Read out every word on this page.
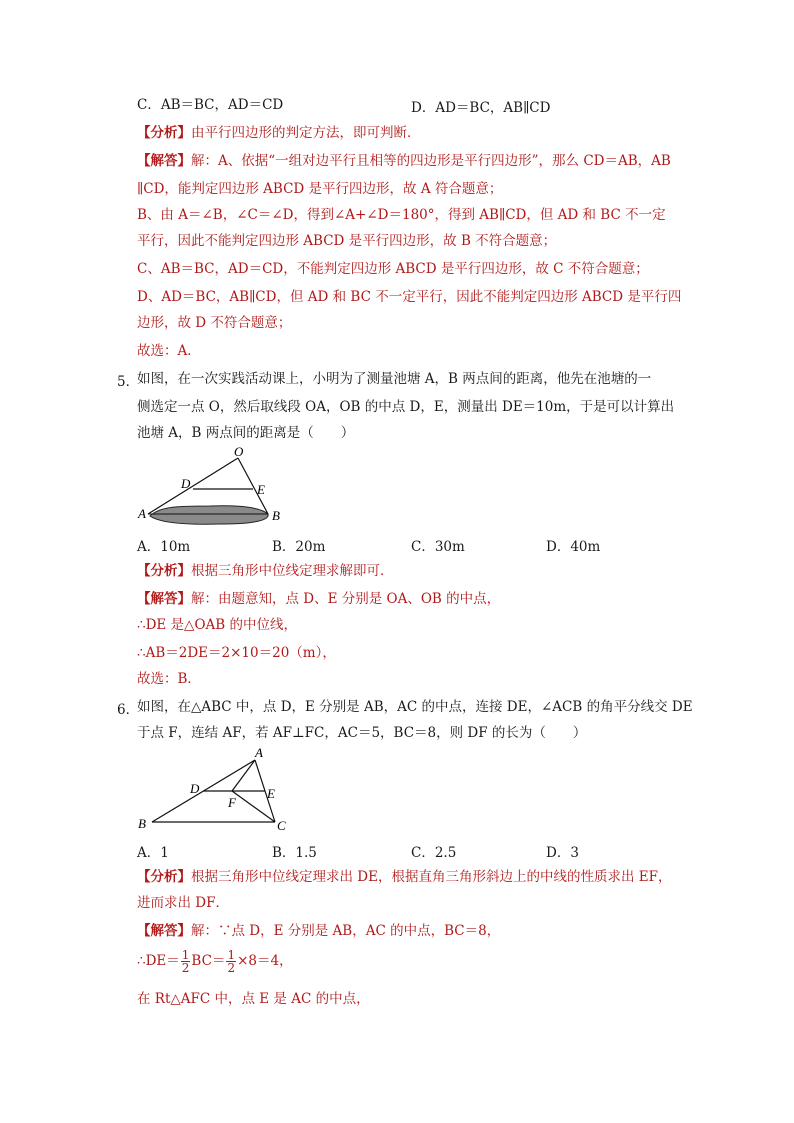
C．AB＝BC，AD＝CD	D．AD＝BC，AB∥CD
【分析】由平行四边形的判定方法，即可判断．
【解答】解：A、依据“一组对边平行且相等的四边形是平行四边形”，那么 CD＝AB，AB
∥CD，能判定四边形 ABCD 是平行四边形，故 A 符合题意；
B、由 A＝∠B，∠C＝∠D，得到∠A+∠D＝180°，得到 AB∥CD，但 AD 和 BC 不一定
平行，因此不能判定四边形 ABCD 是平行四边形，故 B 不符合题意；
C、AB＝BC，AD＝CD，不能判定四边形 ABCD 是平行四边形，故 C 不符合题意；
D、AD＝BC，AB∥CD，但 AD 和 BC 不一定平行，因此不能判定四边形 ABCD 是平行四
边形，故 D 不符合题意；
故选：A．
5．
如图，在一次实践活动课上，小明为了测量池塘 A，B 两点间的距离，他先在池塘的一
侧选定一点 O，然后取线段 OA，OB 的中点 D，E，测量出 DE＝10m，于是可以计算出
池塘 A，B 两点间的距离是（　　）
O
D	E
A	B
A．10m	B．20m	C．30m	D．40m
【分析】根据三角形中位线定理求解即可．
【解答】解：由题意知，点 D、E 分别是 OA、OB 的中点，
∴DE 是△OAB 的中位线，
∴AB＝2DE＝2×10＝20（m），
故选：B．
6．
如图，在△ABC 中，点 D，E 分别是 AB，AC 的中点，连接 DE，∠ACB 的角平分线交 DE
于点 F，连结 AF，若 AF⊥FC，AC＝5，BC＝8，则 DF 的长为（　　）
A
B	C
D	E
F
A．1	B．1.5	C．2.5	D．3
【分析】根据三角形中位线定理求出 DE，根据直角三角形斜边上的中线的性质求出 EF，
进而求出 DF．
【解答】解：∵点 D，E 分别是 AB，AC 的中点，BC＝8，
∴DE＝ $\frac{1}{2} BC= \frac{1}{2} \times 8=4$，
在 Rt△AFC 中，点 E 是 AC 的中点，
